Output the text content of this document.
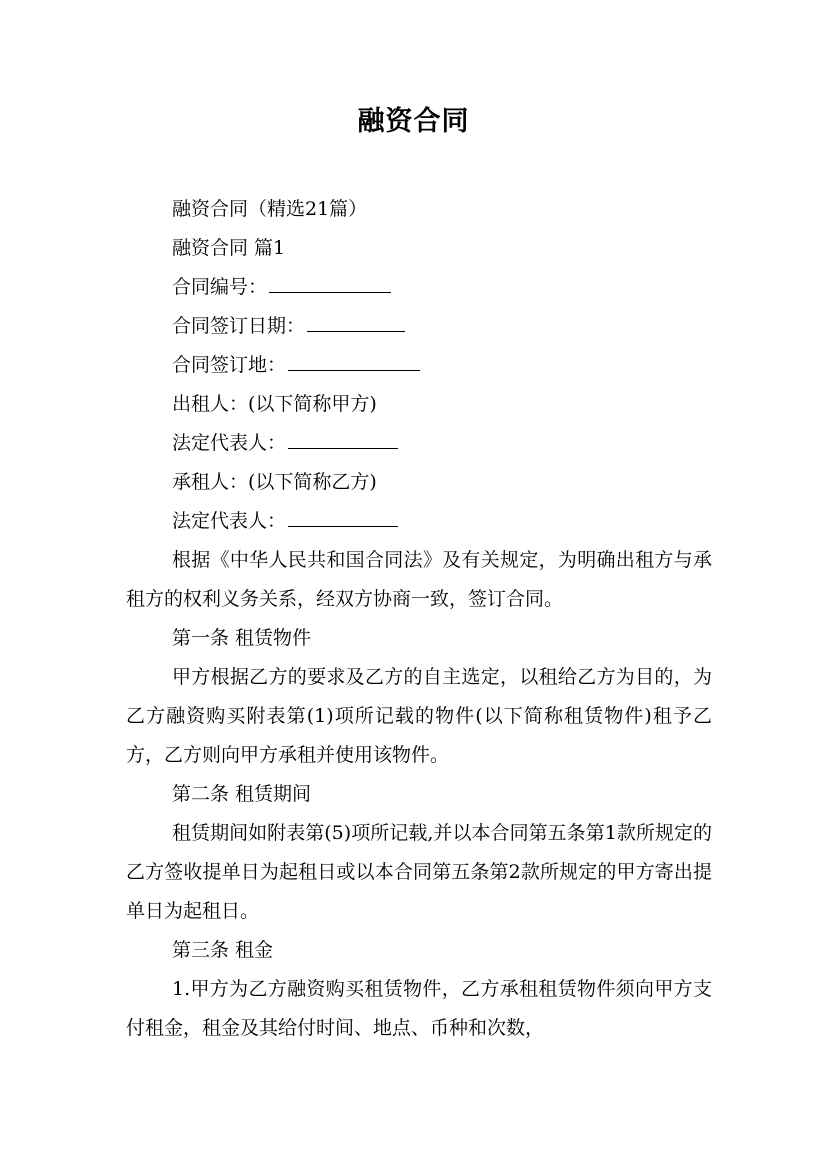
融资合同
融资合同（精选21篇）
融资合同 篇1
合同编号：
合同签订日期：
合同签订地：
出租人：(以下简称甲方)
法定代表人：
承租人：(以下简称乙方)
法定代表人：
根据《中华人民共和国合同法》及有关规定，为明确出租方与承租方的权利义务关系，经双方协商一致，签订合同。
第一条 租赁物件
甲方根据乙方的要求及乙方的自主选定，以租给乙方为目的，为乙方融资购买附表第(1)项所记载的物件(以下简称租赁物件)租予乙方，乙方则向甲方承租并使用该物件。
第二条 租赁期间
租赁期间如附表第(5)项所记载,并以本合同第五条第1款所规定的乙方签收提单日为起租日或以本合同第五条第2款所规定的甲方寄出提单日为起租日。
第三条 租金
1.甲方为乙方融资购买租赁物件，乙方承租租赁物件须向甲方支付租金，租金及其给付时间、地点、币种和次数，
